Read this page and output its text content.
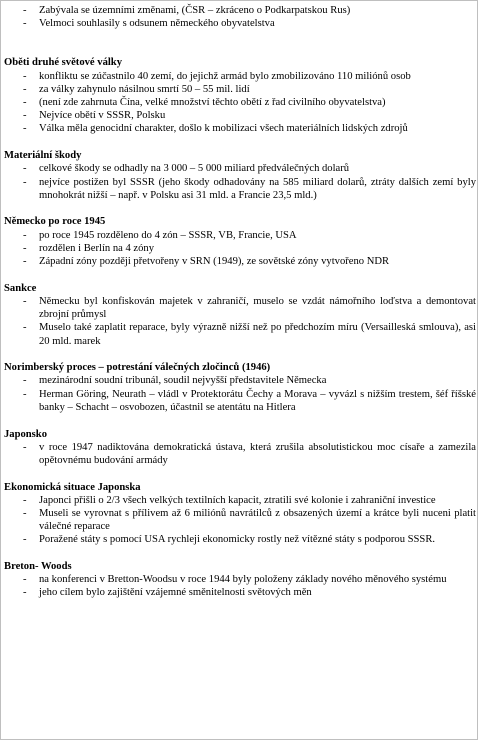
- Zabývala se územními změnami, (ČSR – zkráceno o Podkarpatskou Rus)
- Velmoci souhlasily s odsunem německého obyvatelstva

Oběti druhé světové války

- konfliktu se zúčastnilo 40 zemí, do jejichž armád bylo zmobilizováno 110 miliónů osob
- za války zahynulo násilnou smrtí 50 – 55 mil. lidí
- (není zde zahrnuta Čína, velké množství těchto obětí z řad civilního obyvatelstva)
- Nejvíce obětí v SSSR, Polsku
- Válka měla genocidní charakter, došlo k mobilizaci všech materiálních lidských zdrojů

Materiální škody

- celkové škody se odhadly na 3 000 – 5 000 miliard předválečných dolarů
- nejvíce postižen byl SSSR (jeho škody odhadovány na 585 miliard dolarů, ztráty dalších zemí byly mnohokrát nižší – např. v Polsku asi 31 mld. a Francie 23,5 mld.)

Německo po roce 1945

- po roce 1945 rozděleno do 4 zón – SSSR, VB, Francie, USA
- rozdělen i Berlín na 4 zóny
- Západní zóny později přetvořeny v SRN (1949), ze sovětské zóny vytvořeno NDR

Sankce

- Německu byl konfiskován majetek v zahraničí, muselo se vzdát námořního loďstva a demontovat zbrojní průmysl
- Muselo také zaplatit reparace, byly výrazně nižší než po předchozím míru (Versailleská smlouva), asi 20 mld. marek

Norimberský proces – potrestání válečných zločinců (1946)

- mezinárodní soudní tribunál, soudil nejvyšší představitele Německa
- Herman Göring, Neurath – vládl v Protektorátu Čechy a Morava – vyvázl s nižším trestem, šéf říšské banky – Schacht – osvobozen, účastnil se atentátu na Hitlera

Japonsko

- v roce 1947 nadiktována demokratická ústava, která zrušila absolutistickou moc císaře a zamezila opětovnému budování armády

Ekonomická situace Japonska

- Japonci přišli o 2/3 všech velkých textilních kapacit, ztratili své kolonie i zahraniční investice
- Museli se vyrovnat s přílivem až 6 miliónů navrátilců z obsazených území a krátce byli nuceni platit válečné reparace
- Poražené státy s pomocí USA rychleji ekonomicky rostly než vítězné státy s podporou SSSR.

Breton- Woods

- na konferenci v Bretton-Woodsu v roce 1944 byly položeny základy nového měnového systému
- jeho cílem bylo zajištění vzájemné směnitelnosti světových měn
